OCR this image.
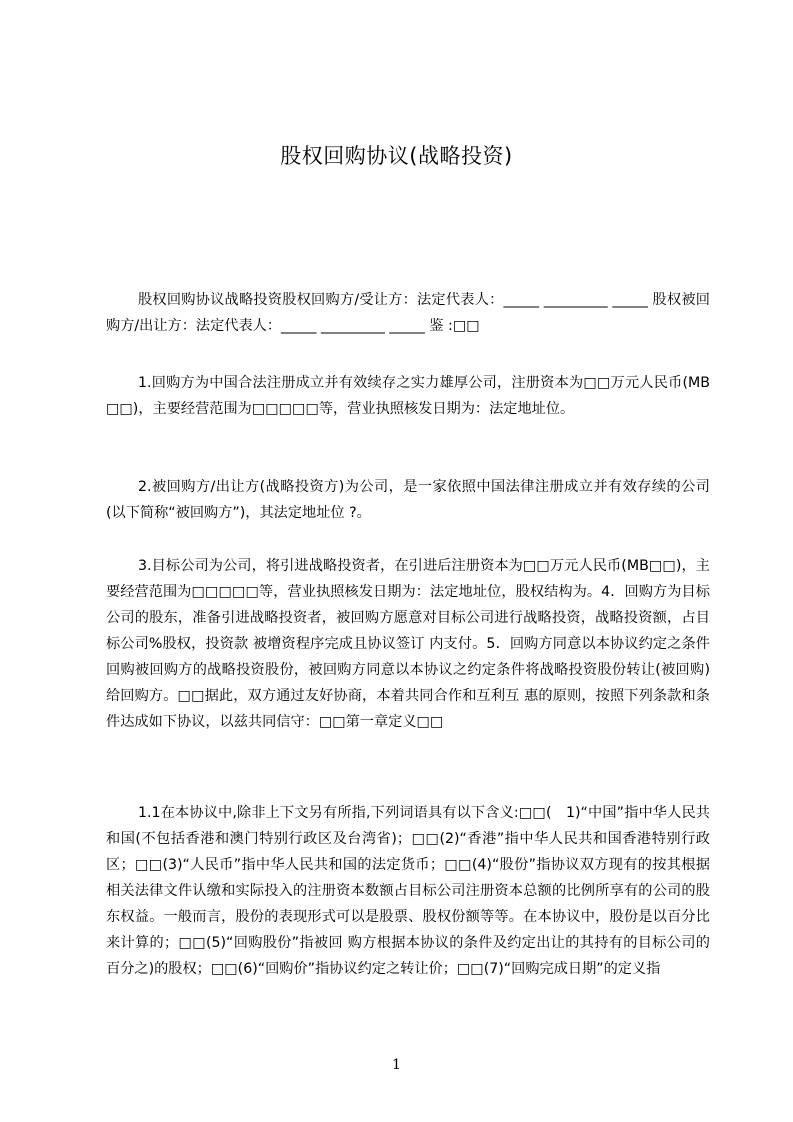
股权回购协议(战略投资)

股权回购协议战略投资股权回购方/受让方：法定代表人：_____ _________ _____ 股权被回购方/出让方：法定代表人：_____ _________ _____ 鉴 :□□

1.回购方为中国合法注册成立并有效续存之实力雄厚公司，注册资本为□□万元人民币(MB□□)，主要经营范围为□□□□□等，营业执照核发日期为：法定地址位。

2.被回购方/出让方(战略投资方)为公司，是一家依照中国法律注册成立并有效存续的公司(以下简称“被回购方”)，其法定地址位 ?。

3.目标公司为公司，将引进战略投资者，在引进后注册资本为□□万元人民币(MB□□)，主要经营范围为□□□□□等，营业执照核发日期为：法定地址位，股权结构为。4．回购方为目标公司的股东，准备引进战略投资者，被回购方愿意对目标公司进行战略投资，战略投资额，占目标公司%股权，投资款 被增资程序完成且协议签订 内支付。5．回购方同意以本协议约定之条件回购被回购方的战略投资股份，被回购方同意以本协议之约定条件将战略投资股份转让(被回购)给回购方。□□据此，双方通过友好协商，本着共同合作和互利互 惠的原则，按照下列条款和条件达成如下协议，以兹共同信守：□□第一章定义□□

1.1在本协议中,除非上下文另有所指,下列词语具有以下含义:□□(　1)“中国”指中华人民共和国(不包括香港和澳门特别行政区及台湾省)；□□(2)“香港”指中华人民共和国香港特别行政区；□□(3)“人民币”指中华人民共和国的法定货币；□□(4)“股份”指协议双方现有的按其根据相关法律文件认缴和实际投入的注册资本数额占目标公司注册资本总额的比例所享有的公司的股东权益。一般而言，股份的表现形式可以是股票、股权份额等等。在本协议中，股份是以百分比来计算的；□□(5)“回购股份”指被回 购方根据本协议的条件及约定出让的其持有的目标公司的百分之)的股权；□□(6)“回购价”指协议约定之转让价；□□(7)“回购完成日期”的定义指

1
